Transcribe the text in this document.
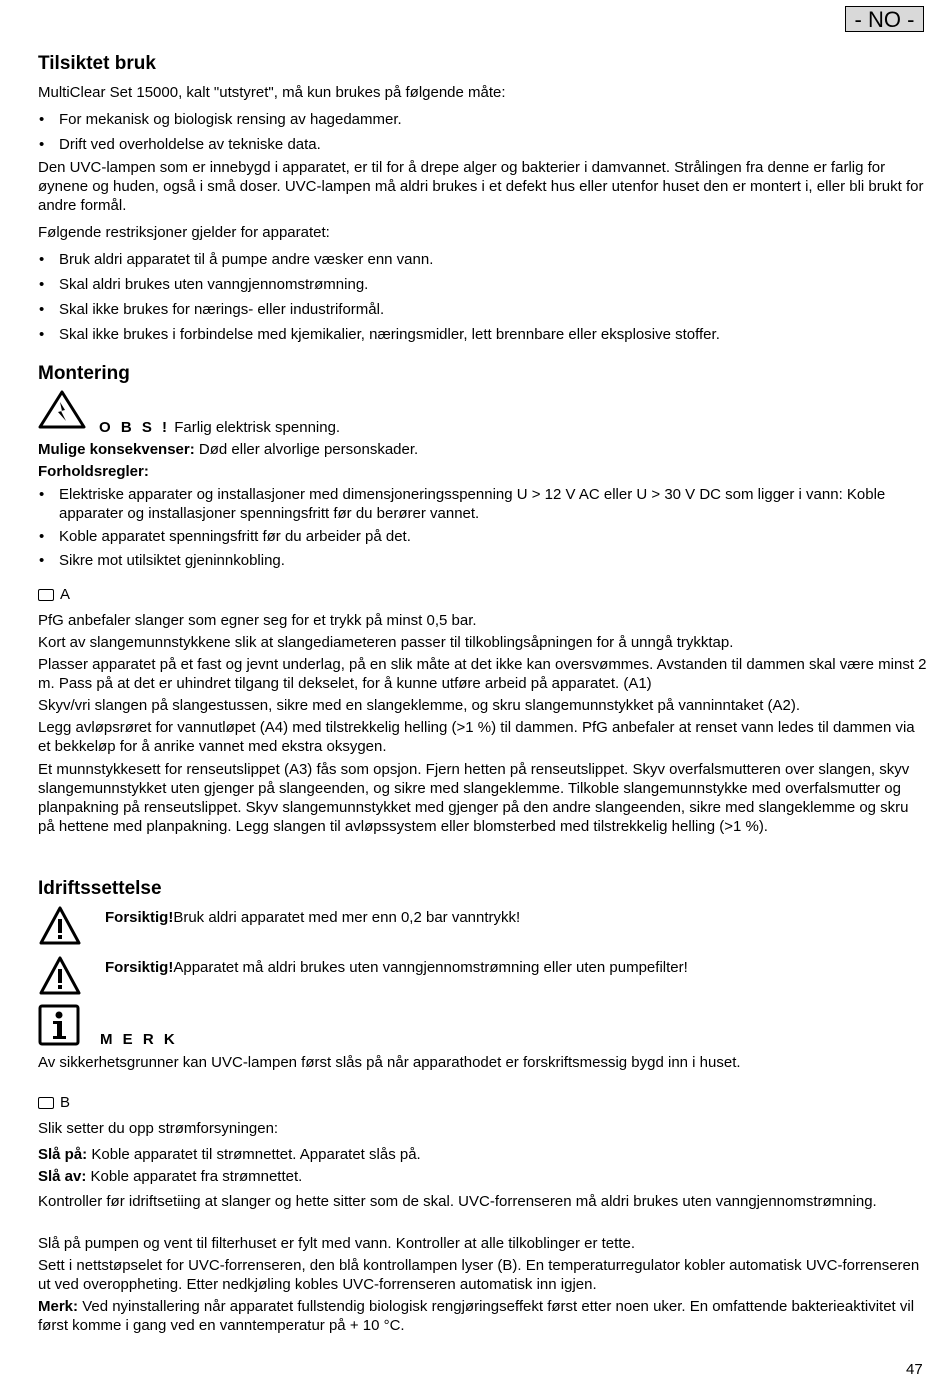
- NO -
Tilsiktet bruk
MultiClear Set 15000, kalt "utstyret", må kun brukes på følgende måte:
• For mekanisk og biologisk rensing av hagedammer.
• Drift ved overholdelse av tekniske data.
Den UVC-lampen som er innebygd i apparatet, er til for å drepe alger og bakterier i damvannet. Strålingen fra denne er farlig for øynene og huden, også i små doser. UVC-lampen må aldri brukes i et defekt hus eller utenfor huset den er montert i, eller bli brukt for andre formål.
Følgende restriksjoner gjelder for apparatet:
• Bruk aldri apparatet til å pumpe andre væsker enn vann.
• Skal aldri brukes uten vanngjennomstrømning.
• Skal ikke brukes for nærings- eller industriformål.
• Skal ikke brukes i forbindelse med kjemikalier, næringsmidler, lett brennbare eller eksplosive stoffer.
Montering
O B S ! Farlig elektrisk spenning.
Mulige konsekvenser: Død eller alvorlige personskader.
Forholdsregler:
• Elektriske apparater og installasjoner med dimensjoneringsspenning U > 12 V AC eller U > 30 V DC som ligger i vann: Koble apparater og installasjoner spenningsfritt før du berører vannet.
• Koble apparatet spenningsfritt før du arbeider på det.
• Sikre mot utilsiktet gjeninnkobling.
A
PfG anbefaler slanger som egner seg for et trykk på minst 0,5 bar.
Kort av slangemunnstykkene slik at slangediameteren passer til tilkoblingsåpningen for å unngå trykktap.
Plasser apparatet på et fast og jevnt underlag, på en slik måte at det ikke kan oversvømmes. Avstanden til dammen skal være minst 2 m. Pass på at det er uhindret tilgang til dekselet, for å kunne utføre arbeid på apparatet. (A1)
Skyv/vri slangen på slangestussen, sikre med en slangeklemme, og skru slangemunnstykket på vanninntaket (A2).
Legg avløpsrøret for vannutløpet (A4) med tilstrekkelig helling (>1 %) til dammen. PfG anbefaler at renset vann ledes til dammen via et bekkeløp for å anrike vannet med ekstra oksygen.
Et munnstykkesett for renseutslippet (A3) fås som opsjon. Fjern hetten på renseutslippet. Skyv overfalsmutteren over slangen, skyv slangemunnstykket uten gjenger på slangeenden, og sikre med slangeklemme. Tilkoble slangemunnstykke med overfalsmutter og planpakning på renseutslippet. Skyv slangemunnstykket med gjenger på den andre slangeenden, sikre med slangeklemme og skru på hettene med planpakning. Legg slangen til avløpssystem eller blomsterbed med tilstrekkelig helling (>1 %).
Idriftssettelse
Forsiktig!Bruk aldri apparatet med mer enn 0,2 bar vanntrykk!
Forsiktig!Apparatet må aldri brukes uten vanngjennomstrømning eller uten pumpefilter!
M E R K
Av sikkerhetsgrunner kan UVC-lampen først slås på når apparathodet er forskriftsmessig bygd inn i huset.
B
Slik setter du opp strømforsyningen:
Slå på: Koble apparatet til strømnettet. Apparatet slås på.
Slå av: Koble apparatet fra strømnettet.
Kontroller før idriftsetiing at slanger og hette sitter som de skal. UVC-forrenseren må aldri brukes uten vanngjennomstrømning.
Slå på pumpen og vent til filterhuset er fylt med vann. Kontroller at alle tilkoblinger er tette.
Sett i nettstøpselet for UVC-forrenseren, den blå kontrollampen lyser (B). En temperaturregulator kobler automatisk UVC-forrenseren ut ved overoppheting. Etter nedkjøling kobles UVC-forrenseren automatisk inn igjen.
Merk: Ved nyinstallering når apparatet fullstendig biologisk rengjøringseffekt først etter noen uker. En omfattende bakterieaktivitet vil først komme i gang ved en vanntemperatur på + 10 °C.
47
